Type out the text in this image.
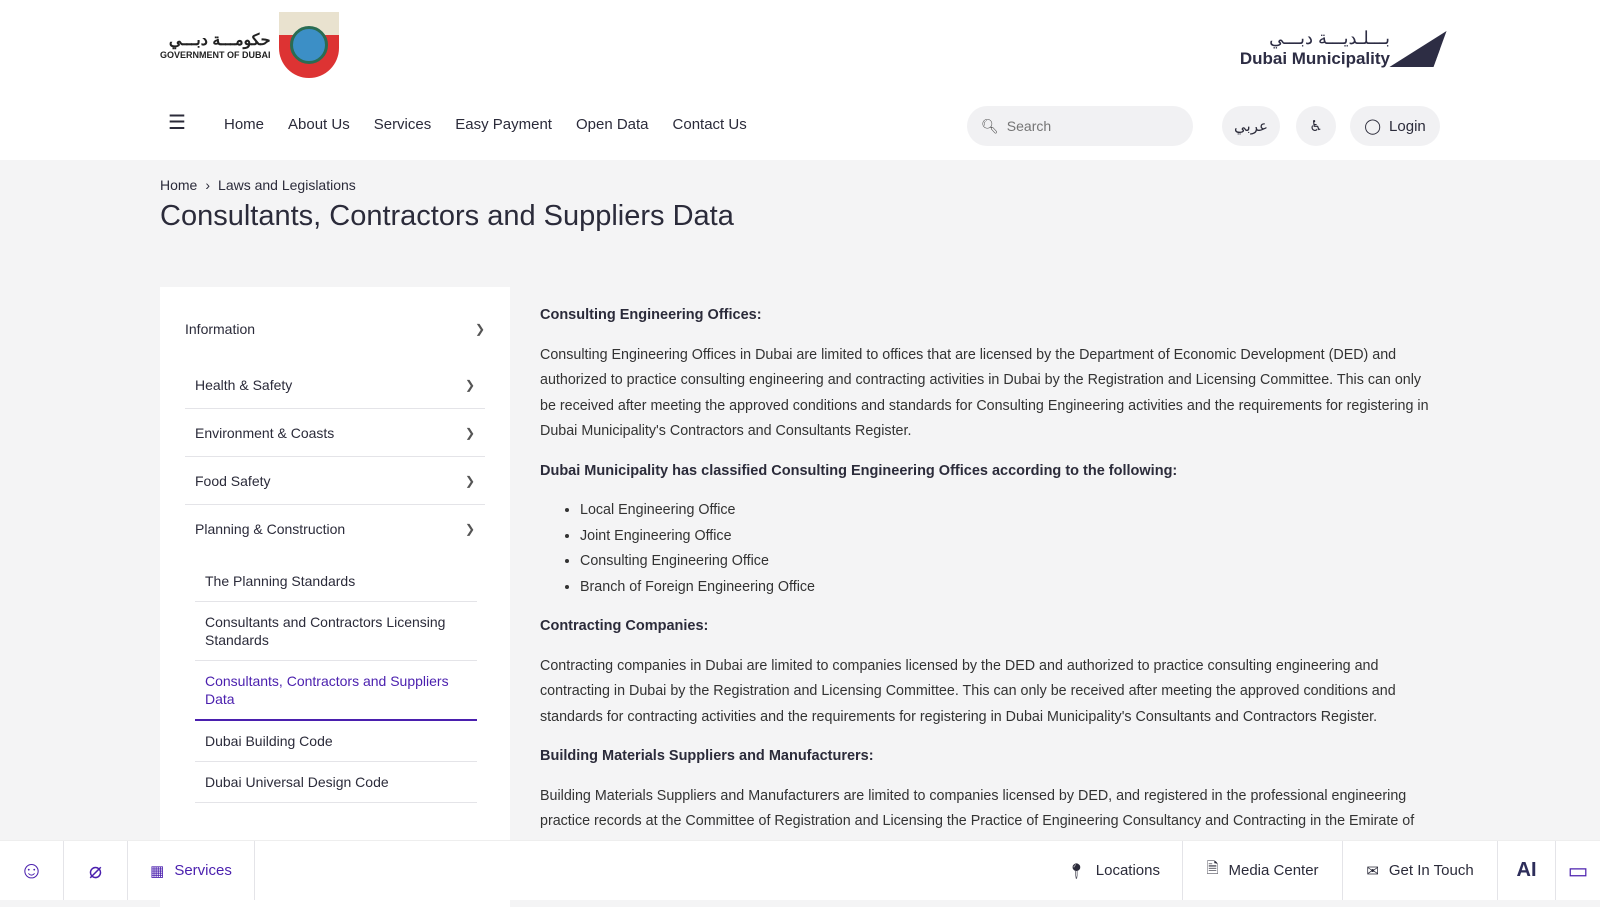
حكومـــة دبـــي
GOVERNMENT OF DUBAI
بـــلـديـــة دبـــي
Dubai Municipality
☰	Home About Us Services Easy Payment Open Data Contact Us	🔍︎
Search	عربي	♿︎	◯ Login
Home › Laws and Legislations
Consultants, Contractors and Suppliers Data
Information	❯
Health & Safety	❯
Environment & Coasts	❯
Food Safety	❯
Planning & Construction	❯
The Planning Standards
Consultants and Contractors Licensing Standards
Consultants, Contractors and Suppliers Data
Dubai Building Code
Dubai Universal Design Code
Consulting Engineering Offices:

Consulting Engineering Offices in Dubai are limited to offices that are licensed by the Department of Economic Development (DED) and authorized to practice consulting engineering and contracting activities in Dubai by the Registration and Licensing Committee. This can only be received after meeting the approved conditions and standards for Consulting Engineering activities and the requirements for registering in Dubai Municipality's Contractors and Consultants Register.

Dubai Municipality has classified Consulting Engineering Offices according to the following:
• Local Engineering Office
• Joint Engineering Office
• Consulting Engineering Office
• Branch of Foreign Engineering Office
Contracting Companies:

Contracting companies in Dubai are limited to companies licensed by the DED and authorized to practice consulting engineering and contracting in Dubai by the Registration and Licensing Committee. This can only be received after meeting the approved conditions and standards for contracting activities and the requirements for registering in Dubai Municipality's Consultants and Contractors Register.

Building Materials Suppliers and Manufacturers:

Building Materials Suppliers and Manufacturers are limited to companies licensed by DED, and registered in the professional engineering practice records at the Committee of Registration and Licensing the Practice of Engineering Consultancy and Contracting in the Emirate of

☺	⌀	▦ Services	📍︎ Locations	🗎 Media Center	✉ Get In Touch	AI	▭
